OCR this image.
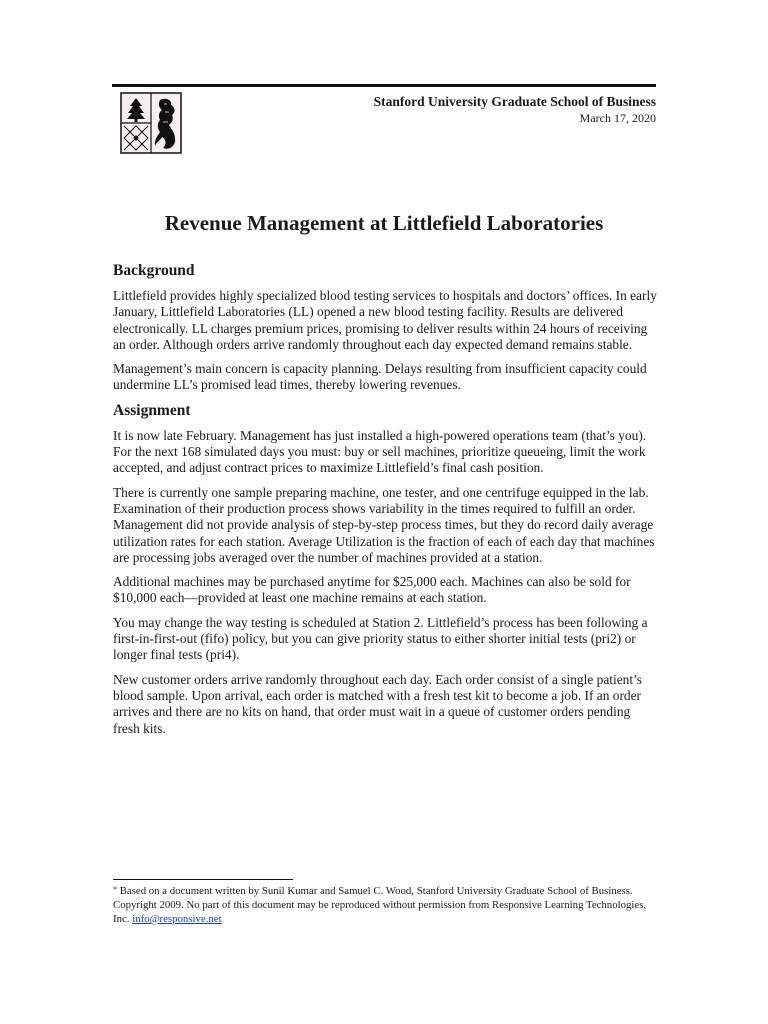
Stanford University Graduate School of Business
March 17, 2020
Revenue Management at Littlefield Laboratories
Background

Littlefield provides highly specialized blood testing services to hospitals and doctors’ offices. In early January, Littlefield Laboratories (LL) opened a new blood testing facility. Results are delivered electronically. LL charges premium prices, promising to deliver results within 24 hours of receiving an order. Although orders arrive randomly throughout each day expected demand remains stable.

Management’s main concern is capacity planning. Delays resulting from insufficient capacity could undermine LL’s promised lead times, thereby lowering revenues.

Assignment

It is now late February. Management has just installed a high-powered operations team (that’s you). For the next 168 simulated days you must: buy or sell machines, prioritize queueing, limit the work accepted, and adjust contract prices to maximize Littlefield’s final cash position.

There is currently one sample preparing machine, one tester, and one centrifuge equipped in the lab. Examination of their production process shows variability in the times required to fulfill an order. Management did not provide analysis of step-by-step process times, but they do record daily average utilization rates for each station. Average Utilization is the fraction of each of each day that machines are processing jobs averaged over the number of machines provided at a station.

Additional machines may be purchased anytime for $25,000 each. Machines can also be sold for $10,000 each—provided at least one machine remains at each station.

You may change the way testing is scheduled at Station 2. Littlefield’s process has been following a first-in-first-out (fifo) policy, but you can give priority status to either shorter initial tests (pri2) or longer final tests (pri4).

New customer orders arrive randomly throughout each day. Each order consist of a single patient’s blood sample. Upon arrival, each order is matched with a fresh test kit to become a job. If an order arrives and there are no kits on hand, that order must wait in a queue of customer orders pending fresh kits.

* Based on a document written by Sunil Kumar and Samuel C. Wood, Stanford University Graduate School of Business. Copyright 2009. No part of this document may be reproduced without permission from Responsive Learning Technologies, Inc. info@responsive.net
